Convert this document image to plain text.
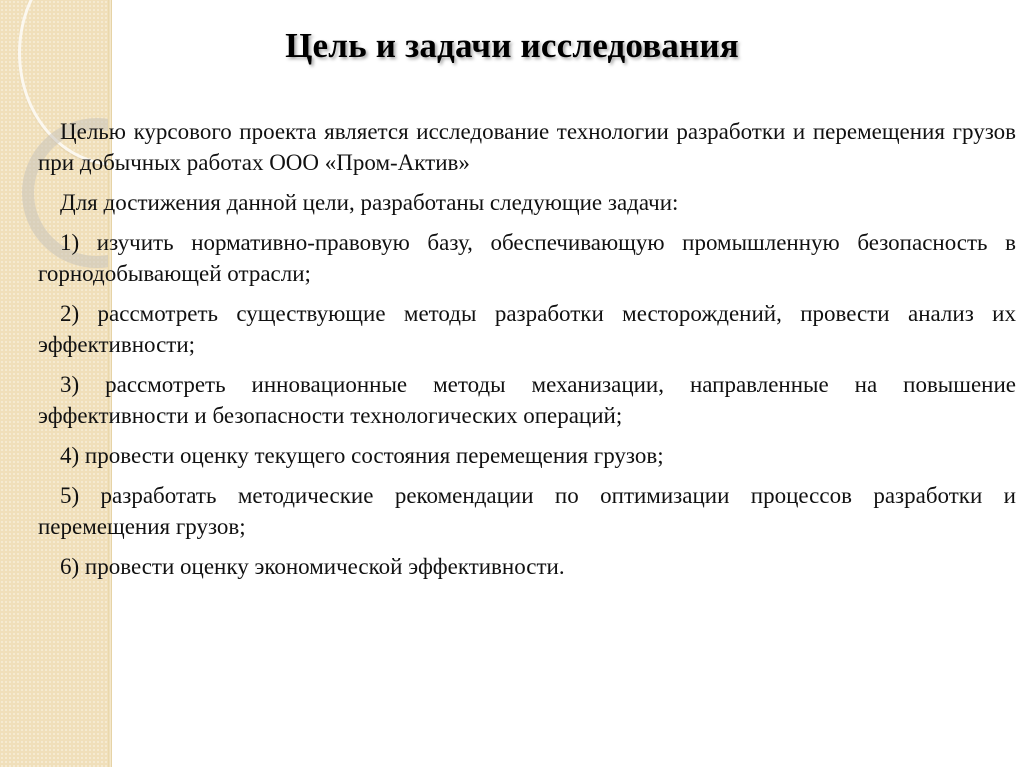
Цель и задачи исследования

Целью курсового проекта является исследование технологии разработки и перемещения грузов при добычных работах ООО «Пром-Актив»

Для достижения данной цели, разработаны следующие задачи:

1) изучить нормативно-правовую базу, обеспечивающую промышленную безопасность в горнодобывающей отрасли;

2) рассмотреть существующие методы разработки месторождений, провести анализ их эффективности;

3) рассмотреть инновационные методы механизации, направленные на повышение эффективности и безопасности технологических операций;

4) провести оценку текущего состояния перемещения грузов;

5) разработать методические рекомендации по оптимизации процессов разработки и перемещения грузов;

6) провести оценку экономической эффективности.
